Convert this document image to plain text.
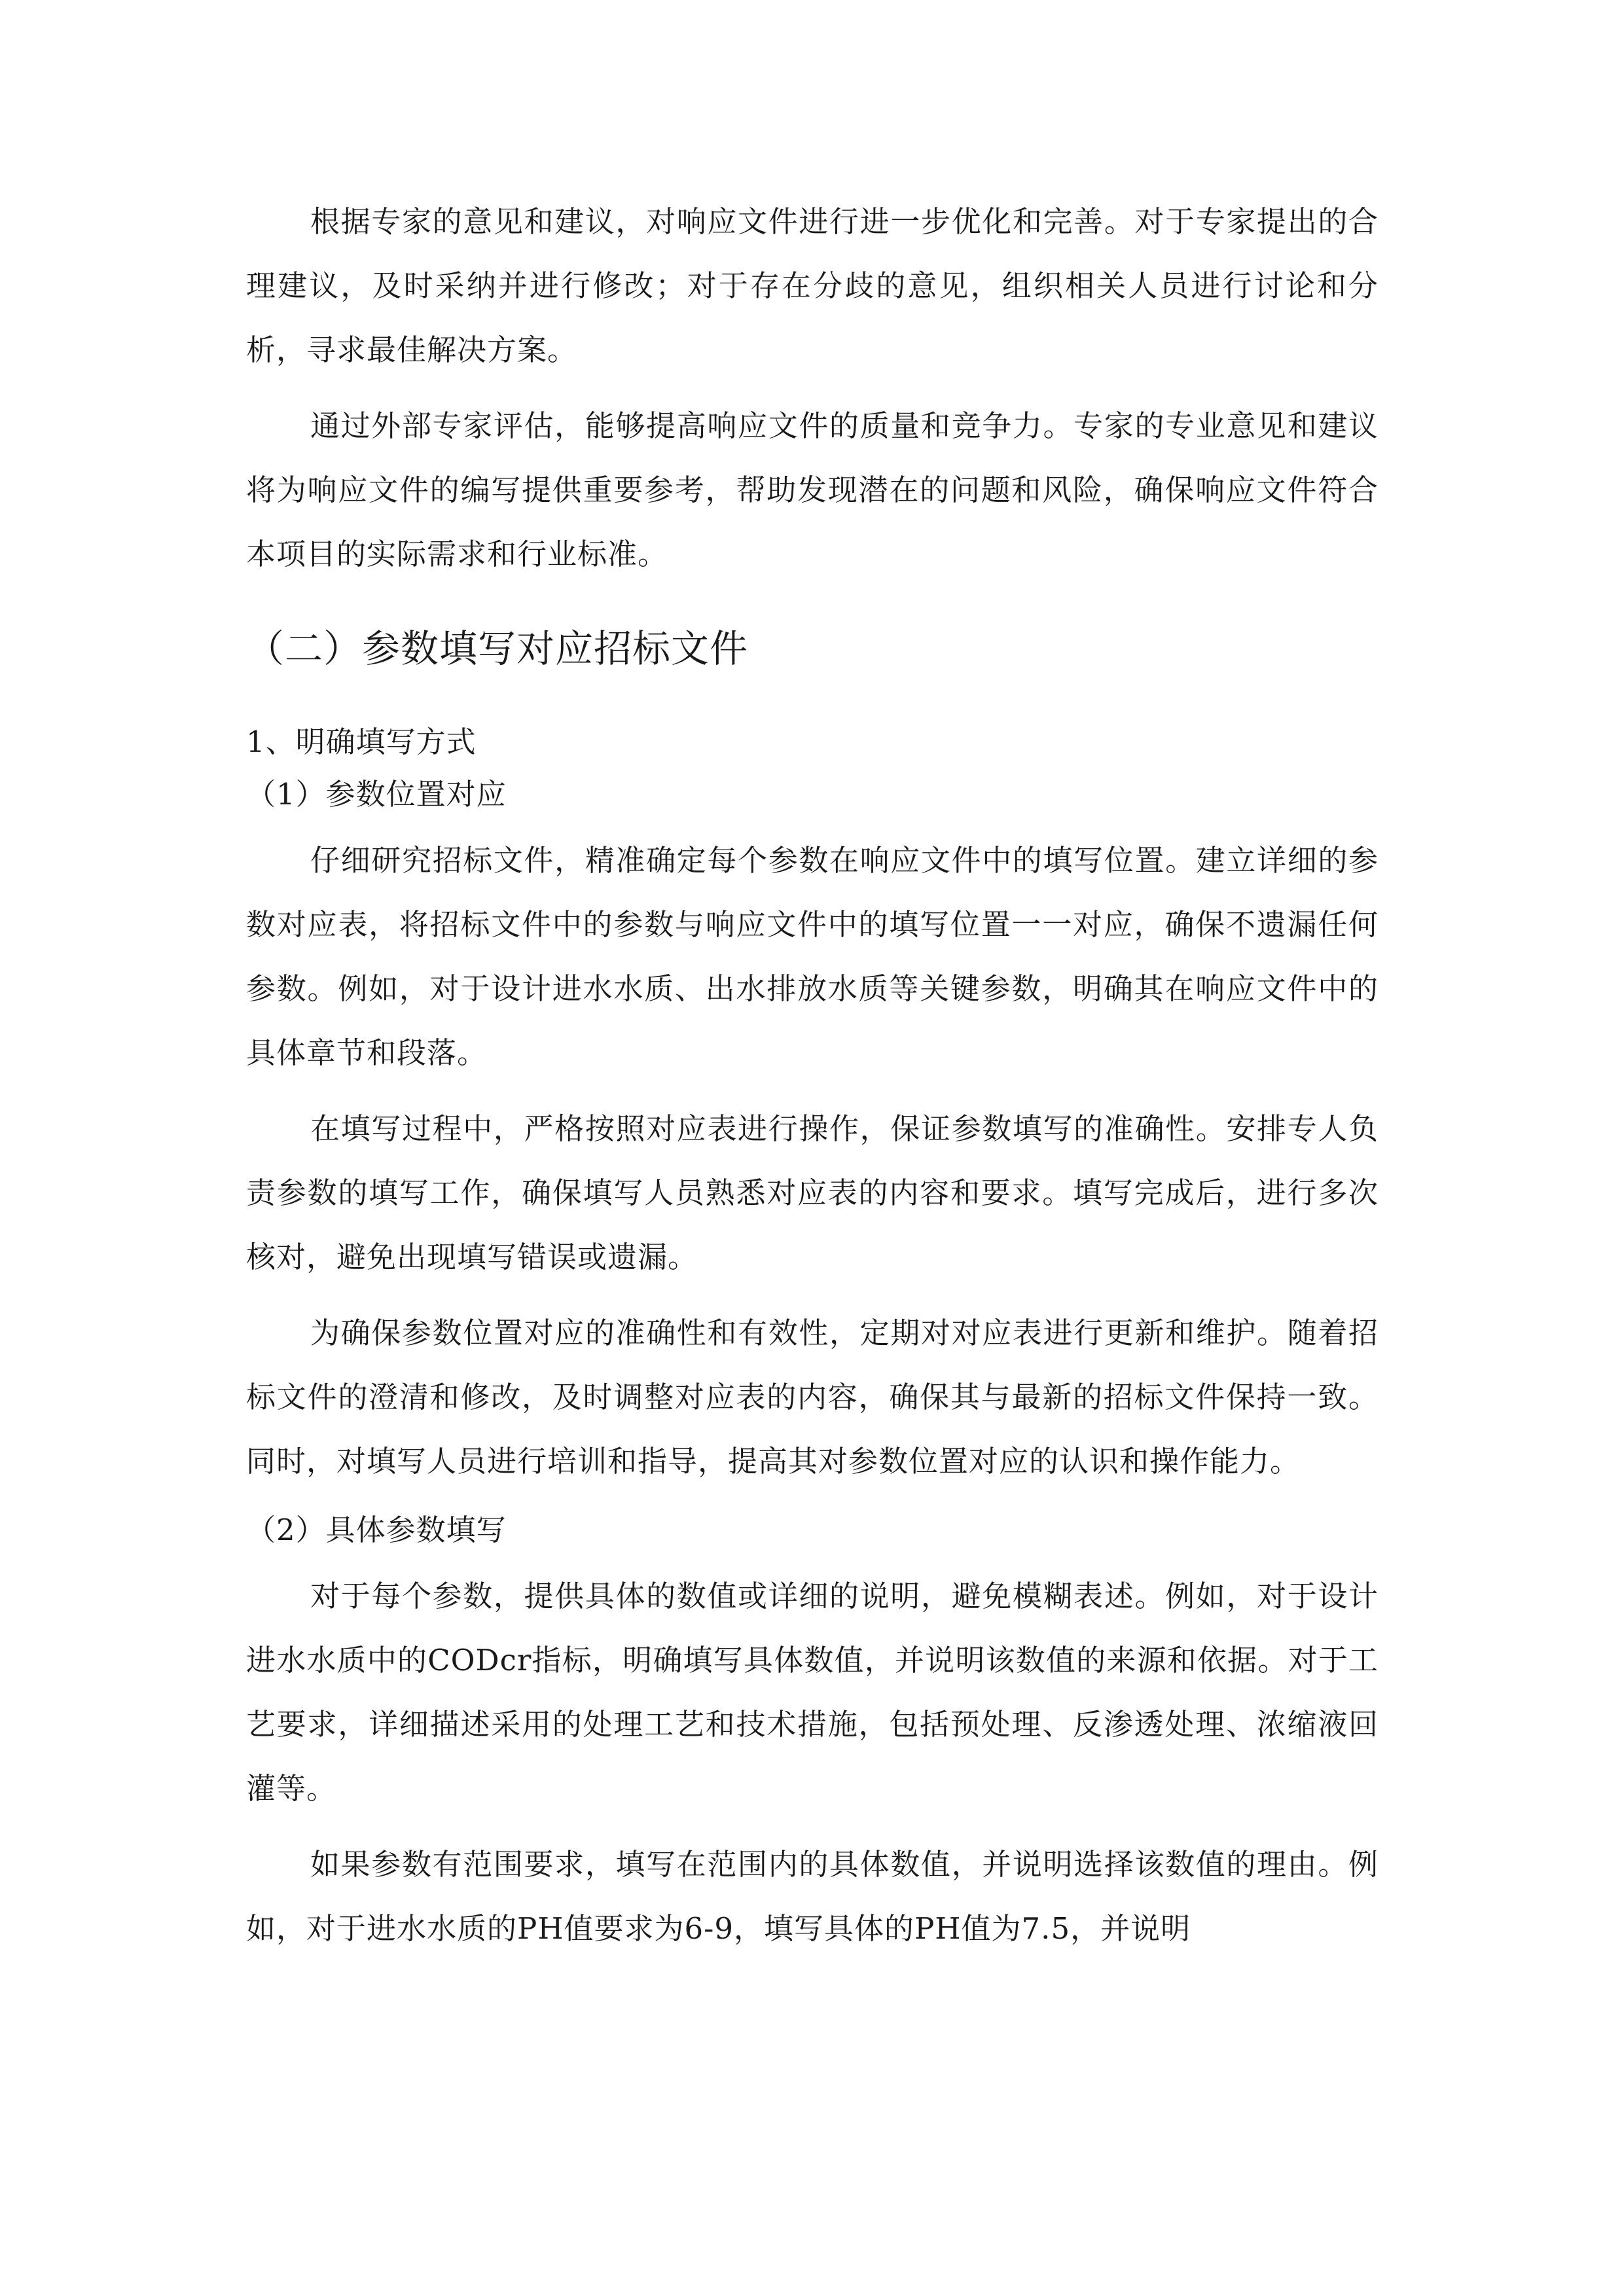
根据专家的意见和建议，对响应文件进行进一步优化和完善。对于专家提出的合理建议，及时采纳并进行修改；对于存在分歧的意见，组织相关人员进行讨论和分析，寻求最佳解决方案。

通过外部专家评估，能够提高响应文件的质量和竞争力。专家的专业意见和建议将为响应文件的编写提供重要参考，帮助发现潜在的问题和风险，确保响应文件符合本项目的实际需求和行业标准。

（二）参数填写对应招标文件
1、明确填写方式
（1）参数位置对应

仔细研究招标文件，精准确定每个参数在响应文件中的填写位置。建立详细的参数对应表，将招标文件中的参数与响应文件中的填写位置一一对应，确保不遗漏任何参数。例如，对于设计进水水质、出水排放水质等关键参数，明确其在响应文件中的具体章节和段落。

在填写过程中，严格按照对应表进行操作，保证参数填写的准确性。安排专人负责参数的填写工作，确保填写人员熟悉对应表的内容和要求。填写完成后，进行多次核对，避免出现填写错误或遗漏。

为确保参数位置对应的准确性和有效性，定期对对应表进行更新和维护。随着招标文件的澄清和修改，及时调整对应表的内容，确保其与最新的招标文件保持一致。同时，对填写人员进行培训和指导，提高其对参数位置对应的认识和操作能力。

（2）具体参数填写

对于每个参数，提供具体的数值或详细的说明，避免模糊表述。例如，对于设计进水水质中的CODcr指标，明确填写具体数值，并说明该数值的来源和依据。对于工艺要求，详细描述采用的处理工艺和技术措施，包括预处理、反渗透处理、浓缩液回灌等。

如果参数有范围要求，填写在范围内的具体数值，并说明选择该数值的理由。例如，对于进水水质的PH值要求为6-9，填写具体的PH值为7.5，并说明
